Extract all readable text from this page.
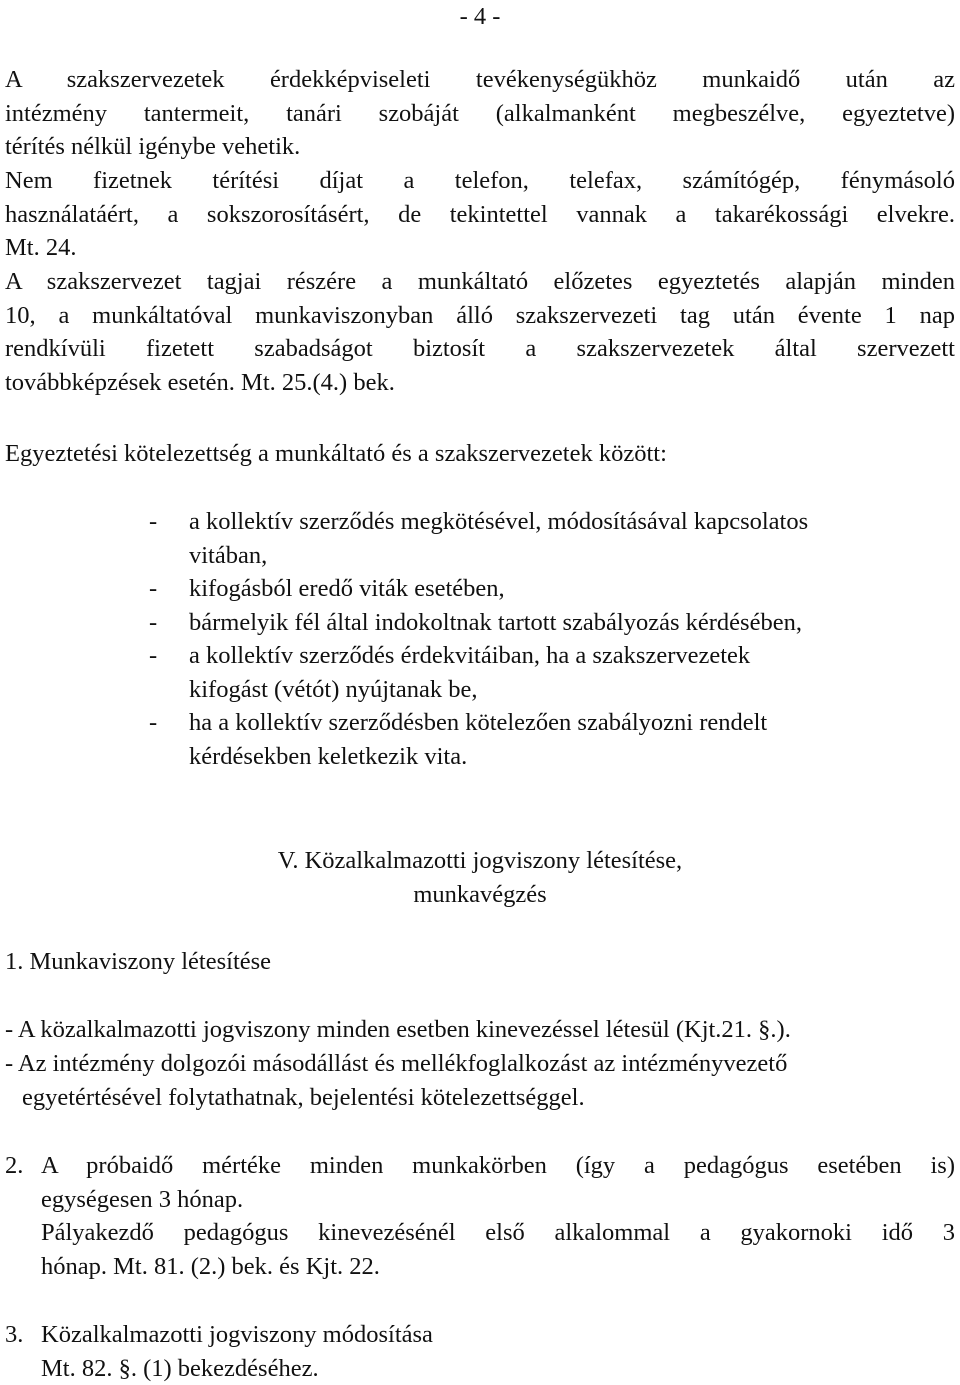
- 4 -
A szakszervezetek érdekképviseleti tevékenységükhöz munkaidő után az
intézmény tantermeit, tanári szobáját (alkalmanként megbeszélve, egyeztetve)
térítés nélkül igénybe vehetik.
Nem fizetnek térítési díjat a telefon, telefax, számítógép, fénymásoló
használatáért, a sokszorosításért, de tekintettel vannak a takarékossági elvekre.
Mt. 24.
A szakszervezet tagjai részére a munkáltató előzetes egyeztetés alapján minden
10, a munkáltatóval munkaviszonyban álló szakszervezeti tag után évente 1 nap
rendkívüli fizetett szabadságot biztosít a szakszervezetek által szervezett
továbbképzések esetén. Mt. 25.(4.) bek.
Egyeztetési kötelezettség a munkáltató és a szakszervezetek között:
- a kollektív szerződés megkötésével, módosításával kapcsolatos
vitában,
- kifogásból eredő viták esetében,
- bármelyik fél által indokoltnak tartott szabályozás kérdésében,
- a kollektív szerződés érdekvitáiban, ha a szakszervezetek
kifogást (vétót) nyújtanak be,
- ha a kollektív szerződésben kötelezően szabályozni rendelt
kérdésekben keletkezik vita.
V. Közalkalmazotti jogviszony létesítése,
munkavégzés
1. Munkaviszony létesítése
- A közalkalmazotti jogviszony minden esetben kinevezéssel létesül (Kjt.21. §.).
- Az intézmény dolgozói másodállást és mellékfoglalkozást az intézményvezető
egyetértésével folytathatnak, bejelentési kötelezettséggel.
2. A próbaidő mértéke minden munkakörben (így a pedagógus esetében is)
egységesen 3 hónap.
Pályakezdő pedagógus kinevezésénél első alkalommal a gyakornoki idő 3
hónap. Mt. 81. (2.) bek. és Kjt. 22.
3. Közalkalmazotti jogviszony módosítása
Mt. 82. §. (1) bekezdéséhez.
